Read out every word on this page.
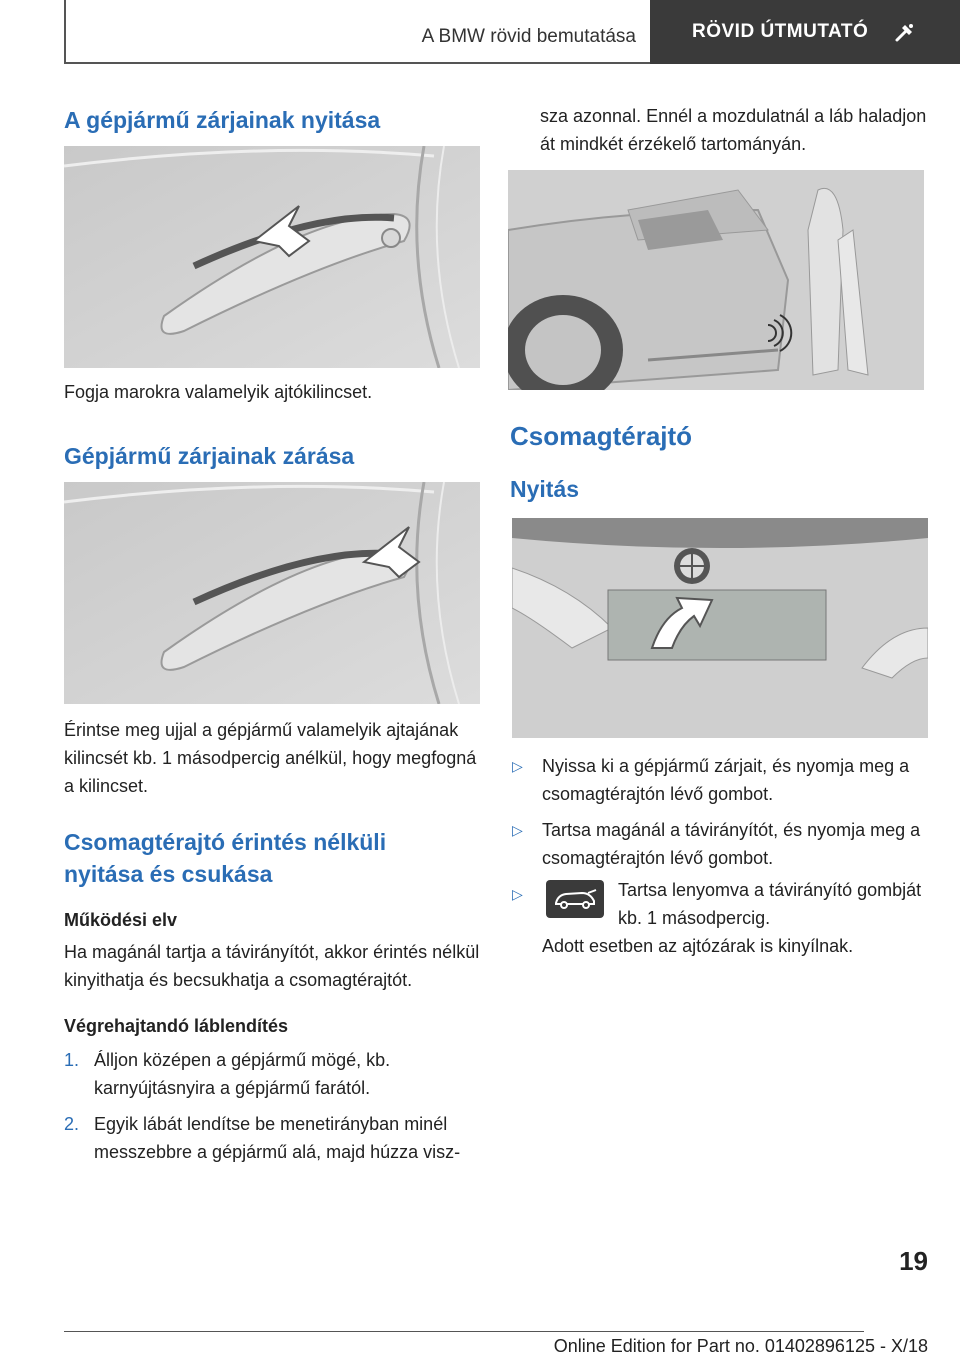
A BMW rövid bemutatása	RÖVID ÚTMUTATÓ
A gépjármű zárjainak nyitása

Fogja marokra valamelyik ajtókilincset.

Gépjármű zárjainak zárása

Érintse meg ujjal a gépjármű valamelyik ajtajának kilincsét kb. 1 másodpercig anélkül, hogy megfogná a kilincset.

Csomagtérajtó érintés nélküli
nyitása és csukása
Működési elv

Ha magánál tartja a távirányítót, akkor érintés nélkül kinyithatja és becsukhatja a csomagtérajtót.

Végrehajtandó láblendítés
1. Álljon középen a gépjármű mögé, kb. karnyújtásnyira a gépjármű farától.
2. Egyik lábát lendítse be menetirányban minél messzebbre a gépjármű alá, majd húzza visz-

sza azonnal. Ennél a mozdulatnál a láb haladjon át mindkét érzékelő tartományán.

Csomagtérajtó
Nyitás
▷ Nyissa ki a gépjármű zárjait, és nyomja meg a csomagtérajtón lévő gombot.
▷ Tartsa magánál a távirányítót, és nyomja meg a csomagtérajtón lévő gombot.
▷	Tartsa lenyomva a távirányító gombját kb. 1 másodpercig.

Adott esetben az ajtózárak is kinyílnak.

19
Online Edition for Part no. 01402896125 - X/18
